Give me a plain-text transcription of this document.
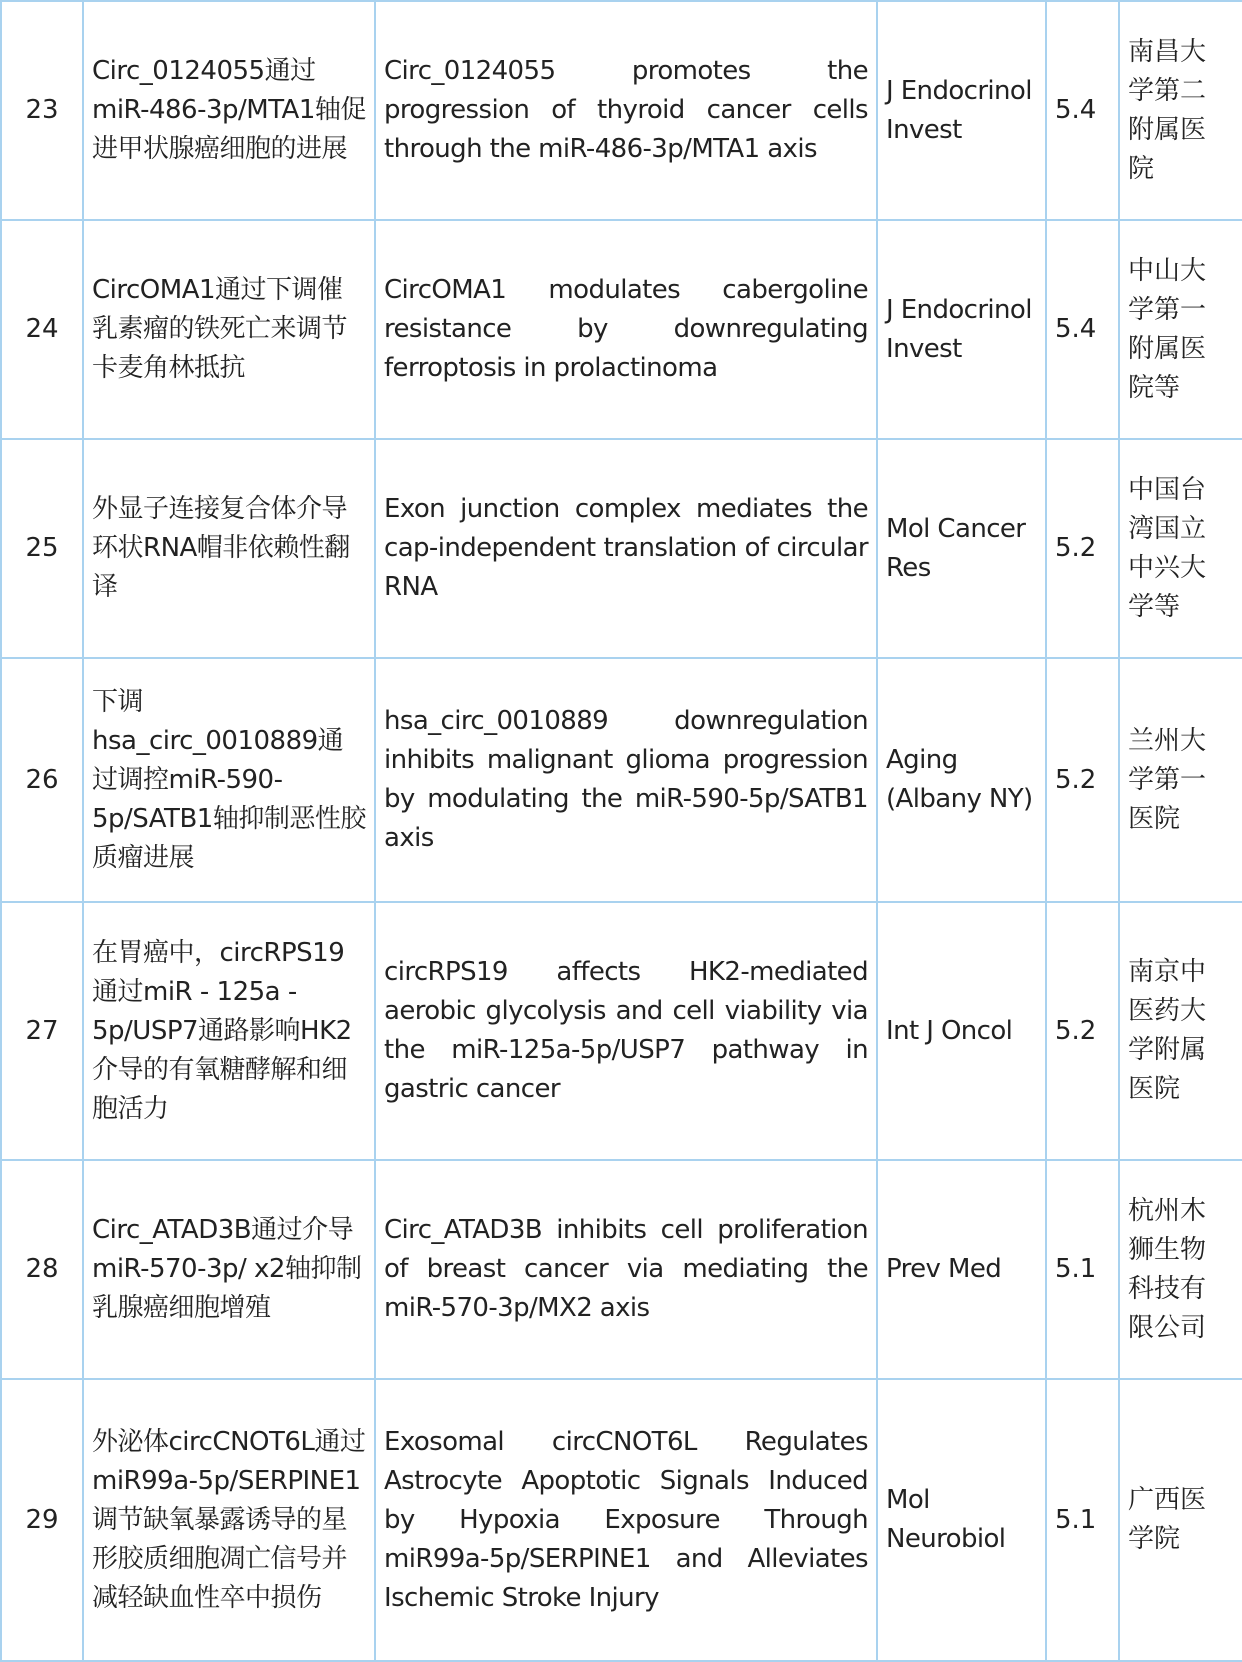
23	Circ_0124055通过miR-486-3p/MTA1轴促进甲状腺癌细胞的进展	Circ_0124055 promotes the progression of thyroid cancer cells through the miR-486-3p/MTA1 axis	J Endocrinol Invest	5.4	南昌大学第二附属医院

24	CircOMA1通过下调催乳素瘤的铁死亡来调节卡麦角林抵抗	CircOMA1 modulates cabergoline resistance by downregulating ferroptosis in prolactinoma	J Endocrinol Invest	5.4	中山大学第一附属医院等

25	外显子连接复合体介导环状RNA帽非依赖性翻译	Exon junction complex mediates the cap-independent translation of circular RNA	Mol Cancer Res	5.2	中国台湾国立中兴大学等

26	下调hsa_circ_0010889通过调控miR-590-5p/SATB1轴抑制恶性胶质瘤进展	hsa_circ_0010889 downregulation inhibits malignant glioma progression by modulating the miR-590-5p/SATB1 axis	Aging (Albany NY)	5.2	兰州大学第一医院

27	在胃癌中，circRPS19通过miR - 125a - 5p/USP7通路影响HK2介导的有氧糖酵解和细胞活力	circRPS19 affects HK2-mediated aerobic glycolysis and cell viability via the miR-125a-5p/USP7 pathway in gastric cancer	Int J Oncol	5.2	南京中医药大学附属医院

28	Circ_ATAD3B通过介导miR-570-3p/ x2轴抑制乳腺癌细胞增殖	Circ_ATAD3B inhibits cell proliferation of breast cancer via mediating the miR-570-3p/MX2 axis	Prev Med	5.1	杭州木狮生物科技有限公司

29	外泌体circCNOT6L通过miR99a-5p/SERPINE1调节缺氧暴露诱导的星形胶质细胞凋亡信号并减轻缺血性卒中损伤	Exosomal circCNOT6L Regulates Astrocyte Apoptotic Signals Induced by Hypoxia Exposure Through miR99a-5p/SERPINE1 and Alleviates Ischemic Stroke Injury	Mol Neurobiol	5.1	广西医学院
